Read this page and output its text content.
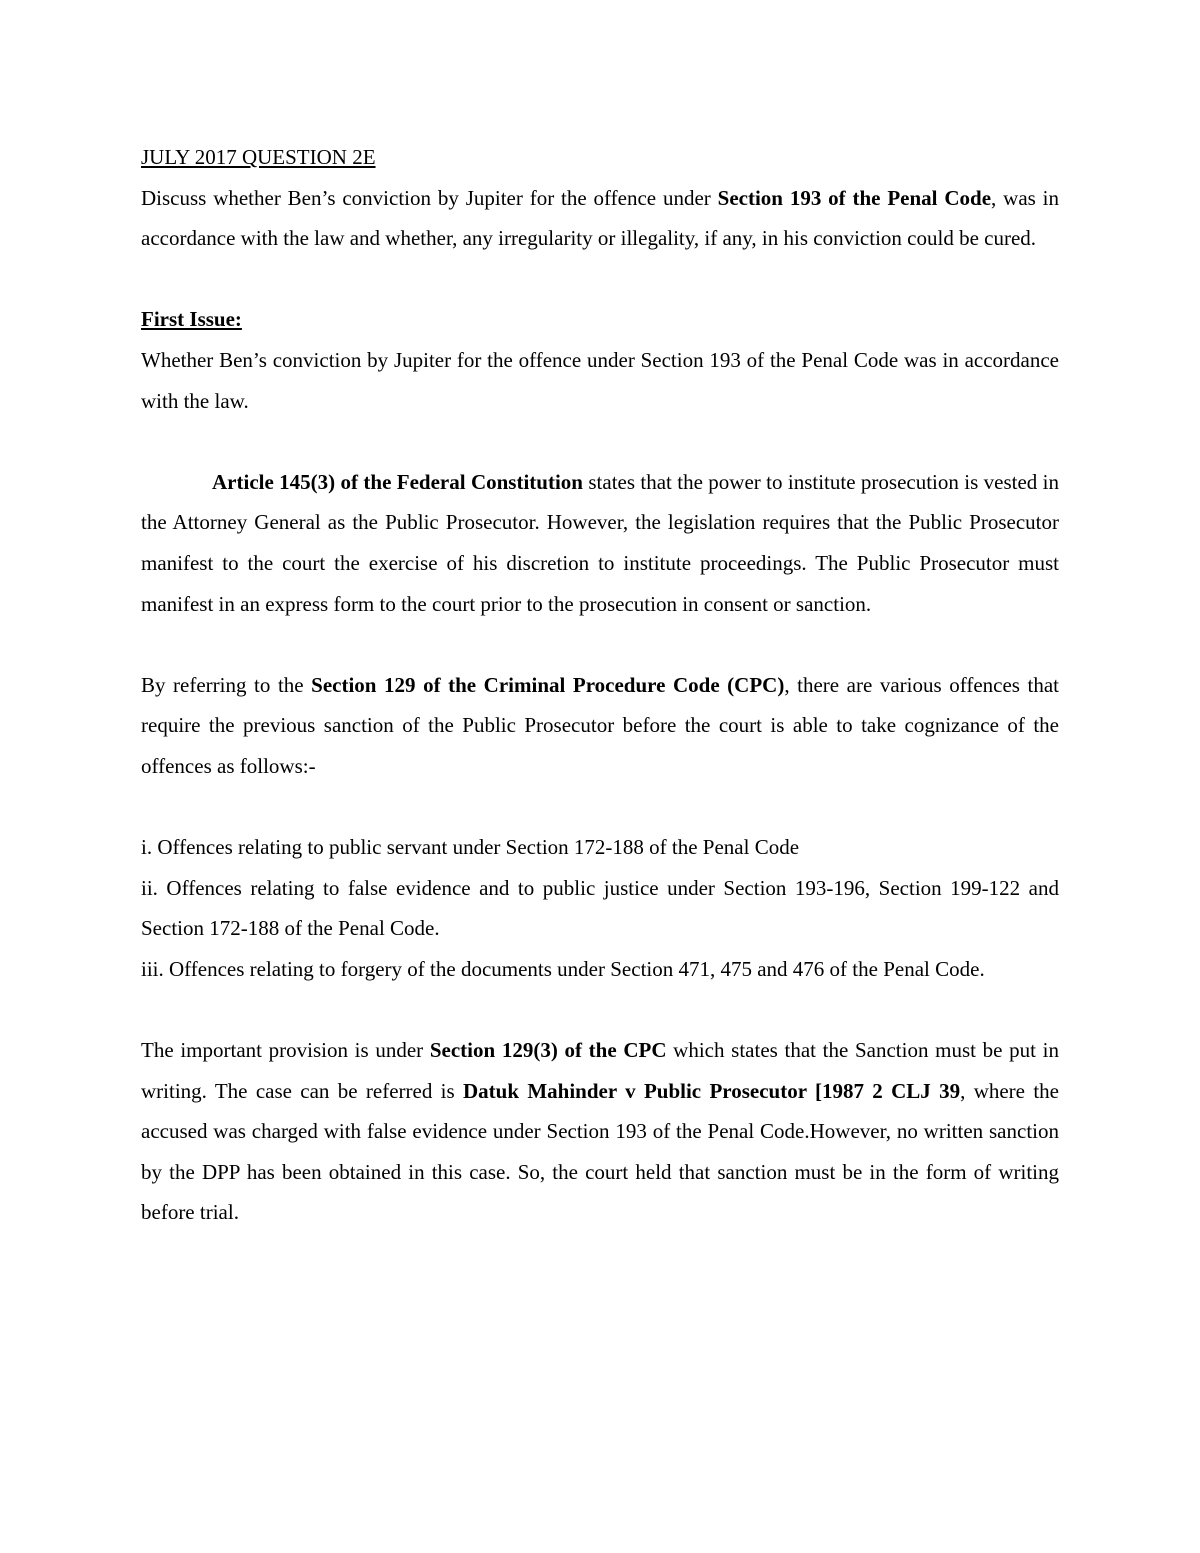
JULY 2017 QUESTION 2E

Discuss whether Ben’s conviction by Jupiter for the offence under Section 193 of the Penal Code, was in accordance with the law and whether, any irregularity or illegality, if any, in his conviction could be cured.

First Issue:

Whether Ben’s conviction by Jupiter for the offence under Section 193 of the Penal Code was in accordance with the law.

Article 145(3) of the Federal Constitution states that the power to institute prosecution is vested in the Attorney General as the Public Prosecutor. However, the legislation requires that the Public Prosecutor manifest to the court the exercise of his discretion to institute proceedings. The Public Prosecutor must manifest in an express form to the court prior to the prosecution in consent or sanction.

By referring to the Section 129 of the Criminal Procedure Code (CPC), there are various offences that require the previous sanction of the Public Prosecutor before the court is able to take cognizance of the offences as follows:-

i. Offences relating to public servant under Section 172-188 of the Penal Code

ii. Offences relating to false evidence and to public justice under Section 193-196, Section 199-122 and Section 172-188 of the Penal Code.

iii. Offences relating to forgery of the documents under Section 471, 475 and 476 of the Penal Code.

The important provision is under Section 129(3) of the CPC which states that the Sanction must be put in writing. The case can be referred is Datuk Mahinder v Public Prosecutor [1987 2 CLJ 39, where the accused was charged with false evidence under Section 193 of the Penal Code.However, no written sanction by the DPP has been obtained in this case. So, the court held that sanction must be in the form of writing before trial.
